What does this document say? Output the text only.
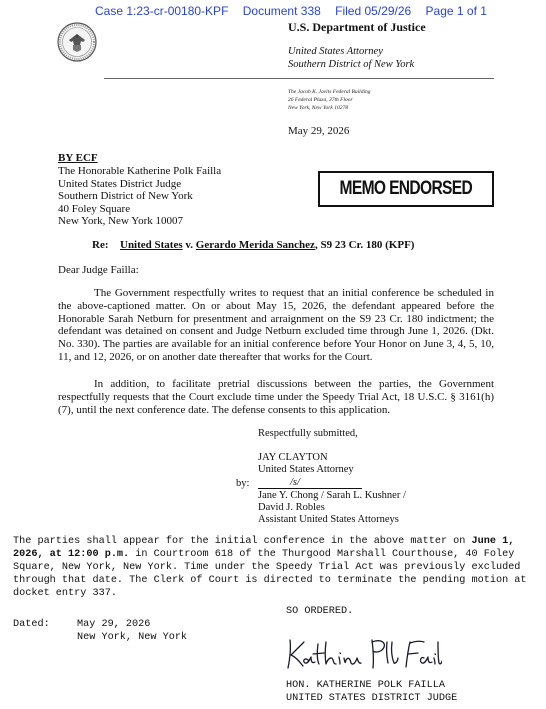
Case 1:23-cr-00180-KPF Document 338 Filed 05/29/26 Page 1 of 1
U.S. Department of Justice
United States Attorney
Southern District of New York
The Jacob K. Javits Federal Building
26 Federal Plaza, 37th Floor
New York, New York 10278
May 29, 2026
BY ECF
The Honorable Katherine Polk Failla
United States District Judge
Southern District of New York
40 Foley Square
New York, New York 10007
MEMO ENDORSED
Re: United States v. Gerardo Merida Sanchez, S9 23 Cr. 180 (KPF)
Dear Judge Failla:
The Government respectfully writes to request that an initial conference be scheduled in the above-captioned matter. On or about May 15, 2026, the defendant appeared before the Honorable Sarah Netburn for presentment and arraignment on the S9 23 Cr. 180 indictment; the defendant was detained on consent and Judge Netburn excluded time through June 1, 2026. (Dkt. No. 330). The parties are available for an initial conference before Your Honor on June 3, 4, 5, 10, 11, and 12, 2026, or on another date thereafter that works for the Court.
In addition, to facilitate pretrial discussions between the parties, the Government respectfully requests that the Court exclude time under the Speedy Trial Act, 18 U.S.C. § 3161(h)(7), until the next conference date. The defense consents to this application.
Respectfully submitted,
JAY CLAYTON
United States Attorney
by:	/s/
Jane Y. Chong / Sarah L. Kushner /
David J. Robles
Assistant United States Attorneys
The parties shall appear for the initial conference in the above matter on June 1, 2026, at 12:00 p.m. in Courtroom 618 of the Thurgood Marshall Courthouse, 40 Foley Square, New York, New York. Time under the Speedy Trial Act was previously excluded through that date. The Clerk of Court is directed to terminate the pending motion at docket entry 337.
SO ORDERED.
Dated:	May 29, 2026
New York, New York
HON. KATHERINE POLK FAILLA
UNITED STATES DISTRICT JUDGE
